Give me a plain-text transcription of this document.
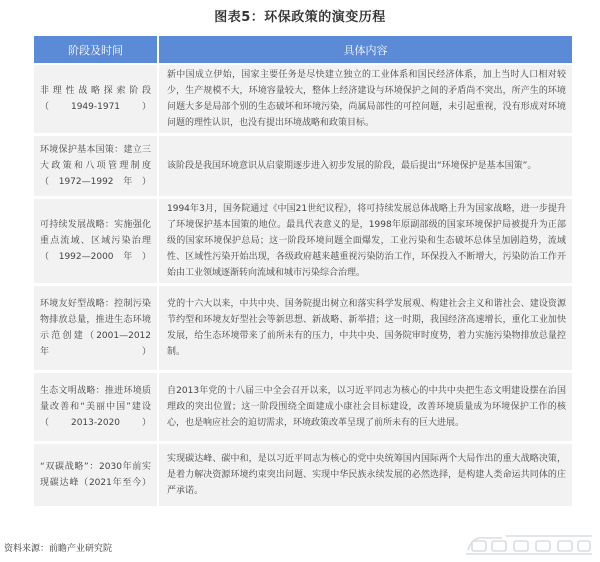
图表5：环保政策的演变历程
阶段及时间	具体内容
非理性战略探索阶段（1949-1971）	新中国成立伊始，国家主要任务是尽快建立独立的工业体系和国民经济体系，加上当时人口相对较少，生产规模不大，环境容量较大，整体上经济建设与环境保护之间的矛盾尚不突出，所产生的环境问题大多是局部个别的生态破坏和环境污染，尚属局部性的可控问题，未引起重视，没有形成对环境问题的理性认识，也没有提出环境战略和政策目标。
环境保护基本国策：建立三大政策和八项管理制度（1972—1992年）	该阶段是我国环境意识从启蒙期逐步进入初步发展的阶段，最后提出“环境保护是基本国策”。
可持续发展战略：实施强化重点流域、区域污染治理（1992—2000年）	1994年3月，国务院通过《中国21世纪议程》，将可持续发展总体战略上升为国家战略，进一步提升了环境保护基本国策的地位。最具代表意义的是，1998年原副部级的国家环境保护局被提升为正部级的国家环境保护总局；这一阶段环境问题全面爆发，工业污染和生态破坏总体呈加剧趋势，流域性、区域性污染开始出现，各级政府越来越重视污染防治工作，环保投入不断增大，污染防治工作开始由工业领域逐渐转向流域和城市污染综合治理。
环境友好型战略：控制污染物排放总量，推进生态环境示范创建（2001—2012年）	党的十六大以来，中共中央、国务院提出树立和落实科学发展观、构建社会主义和谐社会、建设资源节约型和环境友好型社会等新思想、新战略、新举措；这一时期，我国经济高速增长，重化工业加快发展，给生态环境带来了前所未有的压力，中共中央、国务院审时度势，着力实施污染物排放总量控制。
生态文明战略：推进环境质量改善和“美丽中国”建设（2013-2020）	自2013年党的十八届三中全会召开以来，以习近平同志为核心的中共中央把生态文明建设摆在治国理政的突出位置；这一阶段围绕全面建成小康社会目标建设，改善环境质量成为环境保护工作的核心，也是响应社会的迫切需求，环境政策改革呈现了前所未有的巨大进展。
“双碳战略”：2030年前实现碳达峰（2021年至今）	实现碳达峰、碳中和，是以习近平同志为核心的党中央统筹国内国际两个大局作出的重大战略决策，是着力解决资源环境约束突出问题、实现中华民族永续发展的必然选择，是构建人类命运共同体的庄严承诺。
资料来源：前瞻产业研究院
